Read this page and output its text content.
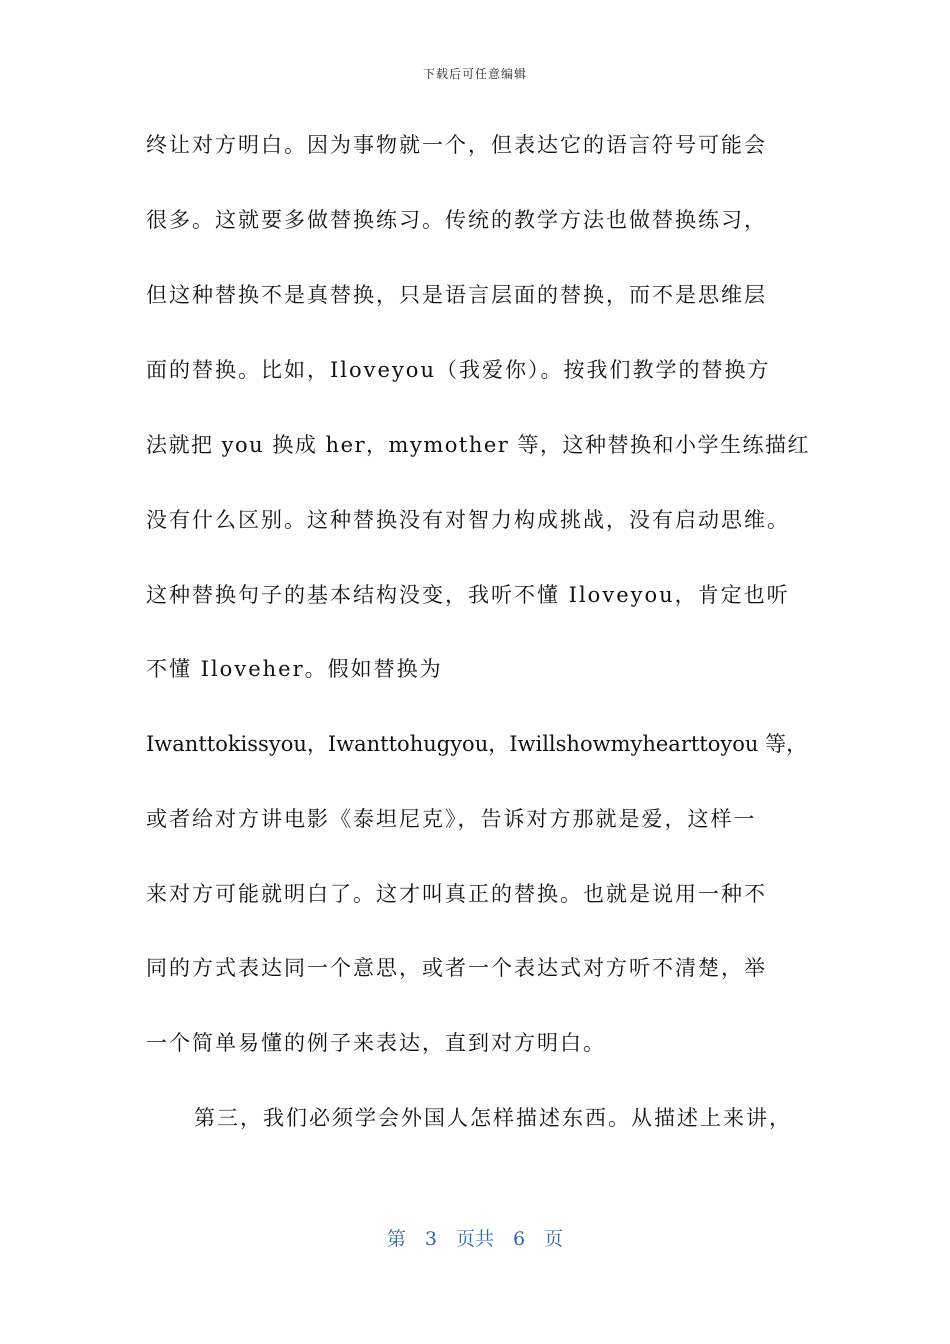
下载后可任意编辑
终让对方明白。因为事物就一个，但表达它的语言符号可能会
很多。这就要多做替换练习。传统的教学方法也做替换练习，
但这种替换不是真替换，只是语言层面的替换，而不是思维层
面的替换。比如，Iloveyou（我爱你）。按我们教学的替换方
法就把 you 换成 her，mymother 等，这种替换和小学生练描红
没有什么区别。这种替换没有对智力构成挑战，没有启动思维。
这种替换句子的基本结构没变，我听不懂 Iloveyou，肯定也听
不懂 Iloveher。假如替换为
Iwanttokissyou，Iwanttohugyou，Iwillshowmyhearttoyou 等，
或者给对方讲电影《泰坦尼克》，告诉对方那就是爱，这样一
来对方可能就明白了。这才叫真正的替换。也就是说用一种不
同的方式表达同一个意思，或者一个表达式对方听不清楚，举
一个简单易懂的例子来表达，直到对方明白。
第三，我们必须学会外国人怎样描述东西。从描述上来讲，
第　3　页共　6　页
